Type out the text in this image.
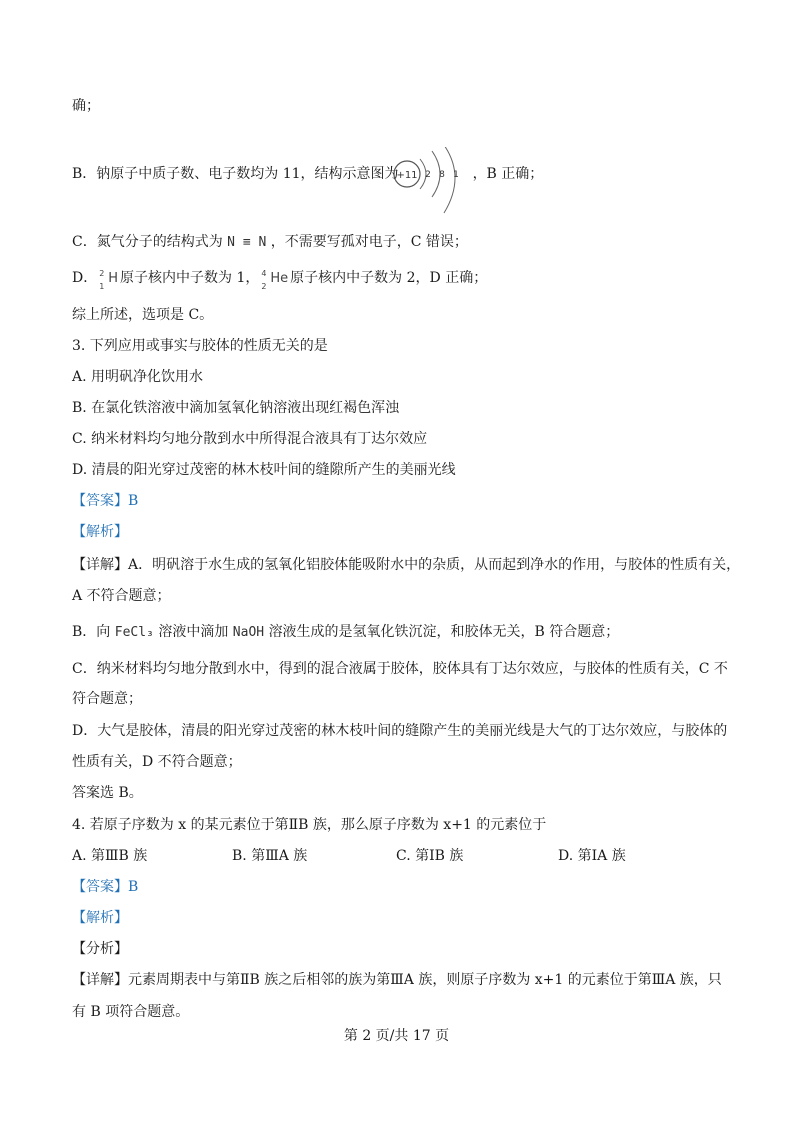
确；
B．钠原子中质子数、电子数均为 11，结构示意图为	，B 正确；
+11 2 8 1
C．氮气分子的结构式为 N ≡ N ，不需要写孤对电子，C 错误；
D． 2
1
H 原子核内中子数为 1， 4
2
He 原子核内中子数为 2，D 正确；
综上所述，选项是 C。
3. 下列应用或事实与胶体的性质无关的是
A. 用明矾净化饮用水
B. 在氯化铁溶液中滴加氢氧化钠溶液出现红褐色浑浊
C. 纳米材料均匀地分散到水中所得混合液具有丁达尔效应
D. 清晨的阳光穿过茂密的林木枝叶间的缝隙所产生的美丽光线
【答案】B
【解析】
【详解】A．明矾溶于水生成的氢氧化铝胶体能吸附水中的杂质，从而起到净水的作用，与胶体的性质有关，
A 不符合题意；
B．向 FeCl₃ 溶液中滴加 NaOH 溶液生成的是氢氧化铁沉淀，和胶体无关，B 符合题意；
C．纳米材料均匀地分散到水中，得到的混合液属于胶体，胶体具有丁达尔效应，与胶体的性质有关，C 不
符合题意；
D．大气是胶体，清晨的阳光穿过茂密的林木枝叶间的缝隙产生的美丽光线是大气的丁达尔效应，与胶体的
性质有关，D 不符合题意；
答案选 B。
4. 若原子序数为 x 的某元素位于第ⅡB 族，那么原子序数为 x+1 的元素位于
A. 第ⅢB 族	B. 第ⅢA 族	C. 第ⅠB 族	D. 第ⅠA 族
【答案】B
【解析】
【分析】
【详解】元素周期表中与第ⅡB 族之后相邻的族为第ⅢA 族，则原子序数为 x+1 的元素位于第ⅢA 族，只
有 B 项符合题意。
第 2 页/共 17 页
